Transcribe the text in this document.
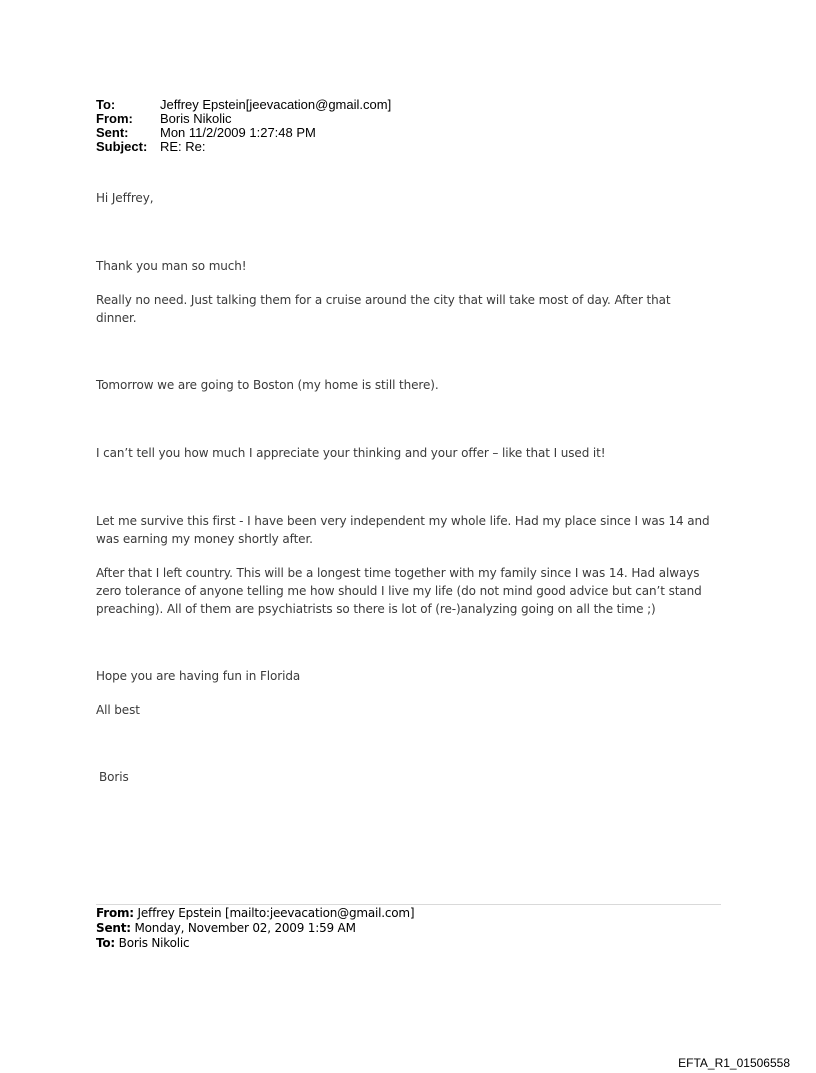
To:	Jeffrey Epstein[jeevacation@gmail.com]
From:	Boris Nikolic
Sent:	Mon 11/2/2009 1:27:48 PM
Subject: RE: Re:
Hi Jeffrey,
Thank you man so much!
Really no need. Just talking them for a cruise around the city that will take most of day. After that dinner.
Tomorrow we are going to Boston (my home is still there).
I can’t tell you how much I appreciate your thinking and your offer – like that I used it!
Let me survive this first - I have been very independent my whole life. Had my place since I was 14 and was earning my money shortly after.
After that I left country. This will be a longest time together with my family since I was 14. Had always zero tolerance of anyone telling me how should I live my life (do not mind good advice but can’t stand preaching). All of them are psychiatrists so there is lot of (re-)analyzing going on all the time ;)
Hope you are having fun in Florida
All best
Boris
From: Jeffrey Epstein [mailto:jeevacation@gmail.com]
Sent: Monday, November 02, 2009 1:59 AM
To: Boris Nikolic
EFTA_R1_01506558
